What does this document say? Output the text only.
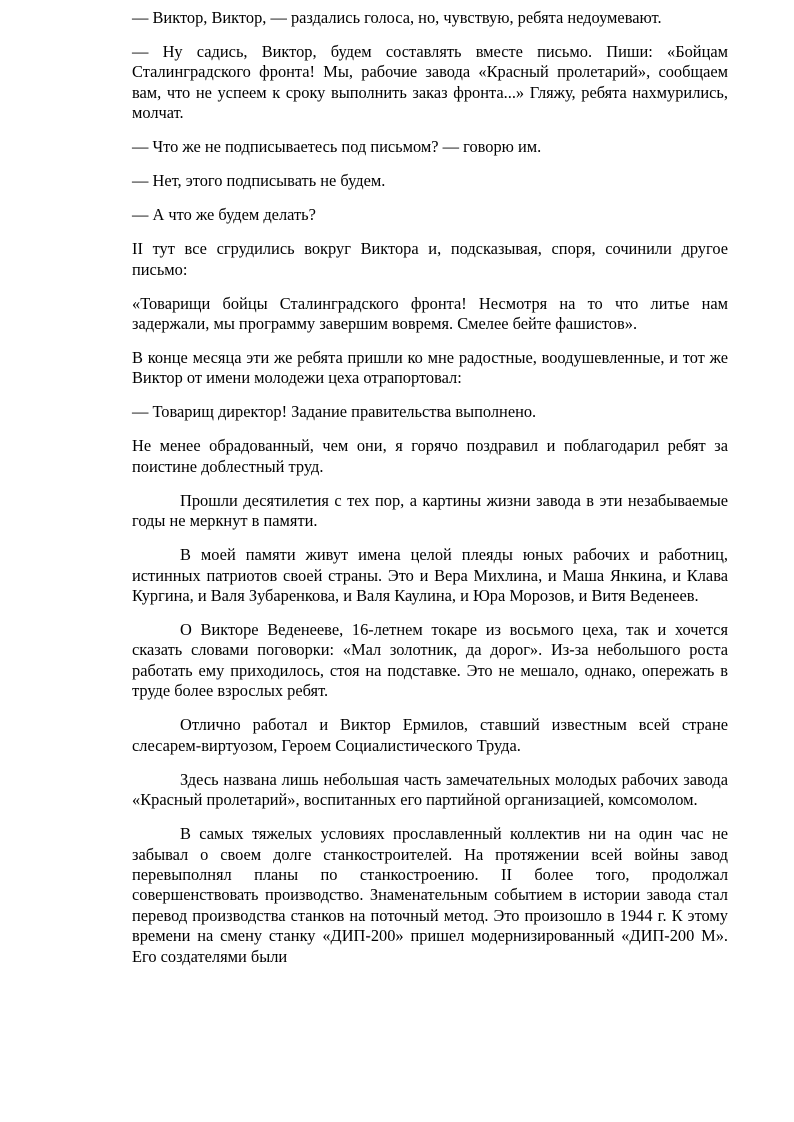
— Виктор, Виктор, — раздались голоса, но, чувствую, ребята недоумевают.

— Ну садись, Виктор, будем составлять вместе письмо. Пиши: «Бойцам Сталинградского фронта! Мы, рабочие завода «Красный пролетарий», сообщаем вам, что не успеем к сроку выполнить заказ фронта...» Гляжу, ребята нахмурились, молчат.

— Что же не подписываетесь под письмом? — говорю им.

— Нет, этого подписывать не будем.

— А что же будем делать?

II тут все сгрудились вокруг Виктора и, подсказывая, споря, сочинили другое письмо:

«Товарищи бойцы Сталинградского фронта! Несмотря на то что литье нам задержали, мы программу завершим вовремя. Смелее бейте фашистов».

В конце месяца эти же ребята пришли ко мне радостные, воодушевленные, и тот же Виктор от имени молодежи цеха отрапортовал:

— Товарищ директор! Задание правительства выполнено.

Не менее обрадованный, чем они, я горячо поздравил и поблагодарил ребят за поистине доблестный труд.

Прошли десятилетия с тех пор, а картины жизни завода в эти незабываемые годы не меркнут в памяти.

В моей памяти живут имена целой плеяды юных рабочих и работниц, истинных патриотов своей страны. Это и Вера Михлина, и Маша Янкина, и Клава Кургина, и Валя Зубаренкова, и Валя Каулина, и Юра Морозов, и Витя Веденеев.

О Викторе Веденееве, 16-летнем токаре из восьмого цеха, так и хочется сказать словами поговорки: «Мал золотник, да дорог». Из-за небольшого роста работать ему приходилось, стоя на подставке. Это не мешало, однако, опережать в труде более взрослых ребят.

Отлично работал и Виктор Ермилов, ставший известным всей стране слесарем-виртуозом, Героем Социалистического Труда.

Здесь названа лишь небольшая часть замечательных молодых рабочих завода «Красный пролетарий», воспитанных его партийной организацией, комсомолом.

В самых тяжелых условиях прославленный коллектив ни на один час не забывал о своем долге станкостроителей. На протяжении всей войны завод перевыполнял планы по станкостроению. II более того, продолжал совершенствовать производство. Знаменательным событием в истории завода стал перевод производства станков на поточный метод. Это произошло в 1944 г. К этому времени на смену станку «ДИП-200» пришел модернизированный «ДИП-200 М». Его создателями были
